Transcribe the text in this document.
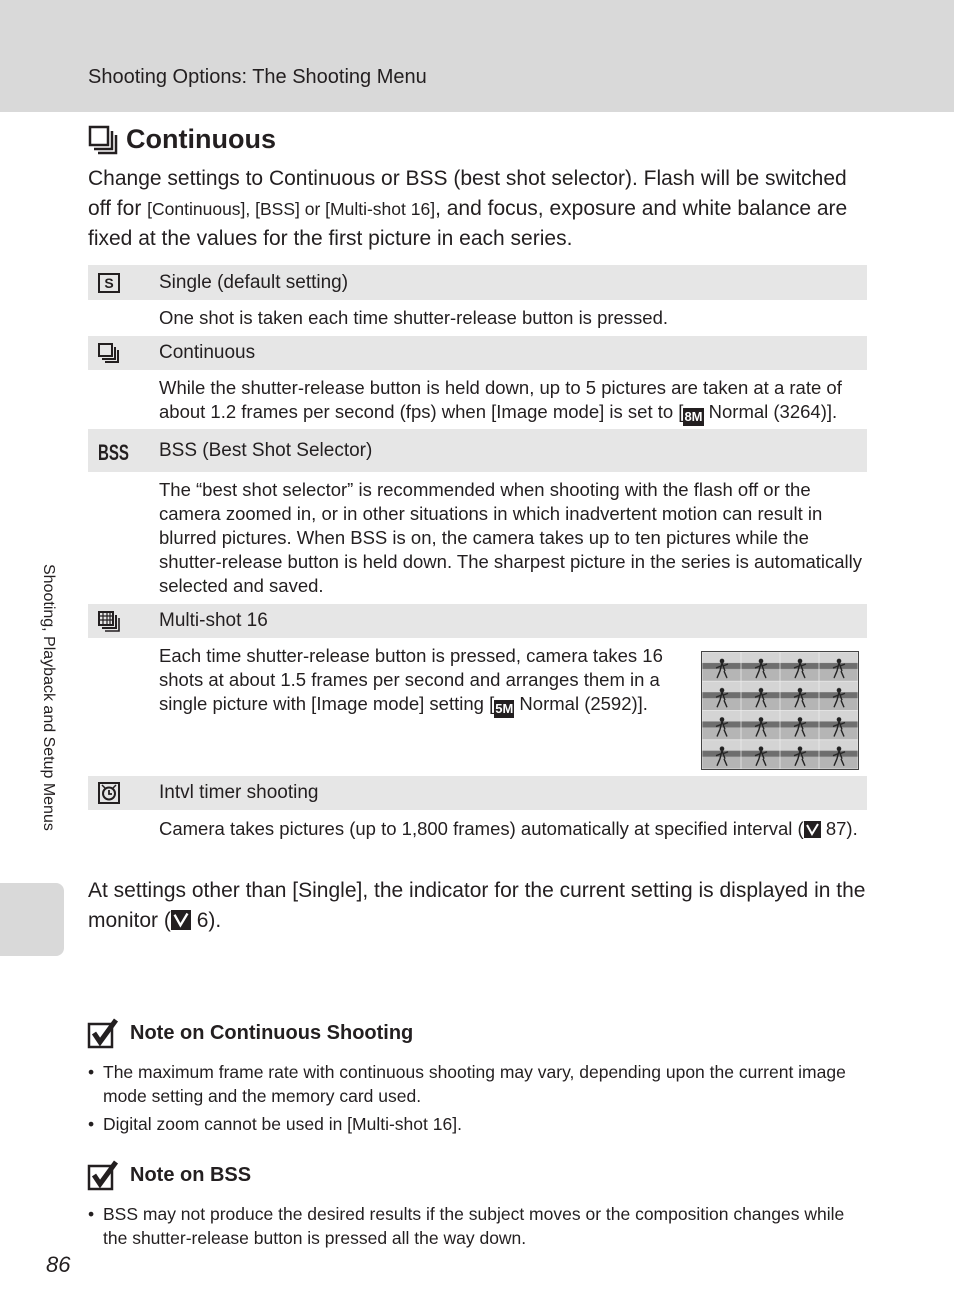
Shooting Options: The Shooting Menu
Continuous
Change settings to Continuous or BSS (best shot selector). Flash will be switched off for [Continuous], [BSS] or [Multi-shot 16], and focus, exposure and white balance are fixed at the values for the first picture in each series.
S Single (default setting)
One shot is taken each time shutter-release button is pressed.
Continuous
While the shutter-release button is held down, up to 5 pictures are taken at a rate of about 1.2 frames per second (fps) when [Image mode] is set to [8M Normal (3264)].
BSS BSS (Best Shot Selector)
The “best shot selector” is recommended when shooting with the flash off or the camera zoomed in, or in other situations in which inadvertent motion can result in blurred pictures. When BSS is on, the camera takes up to ten pictures while the shutter-release button is held down. The sharpest picture in the series is automatically selected and saved.
Multi-shot 16
Each time shutter-release button is pressed, camera takes 16 shots at about 1.5 frames per second and arranges them in a single picture with [Image mode] setting [5M Normal (2592)].
Intvl timer shooting
Camera takes pictures (up to 1,800 frames) automatically at specified interval ( 87).
At settings other than [Single], the indicator for the current setting is displayed in the monitor ( 6).
Shooting, Playback and Setup Menus
Note on Continuous Shooting
• The maximum frame rate with continuous shooting may vary, depending upon the current image mode setting and the memory card used.
• Digital zoom cannot be used in [Multi-shot 16].
Note on BSS
• BSS may not produce the desired results if the subject moves or the composition changes while the shutter-release button is pressed all the way down.
86
